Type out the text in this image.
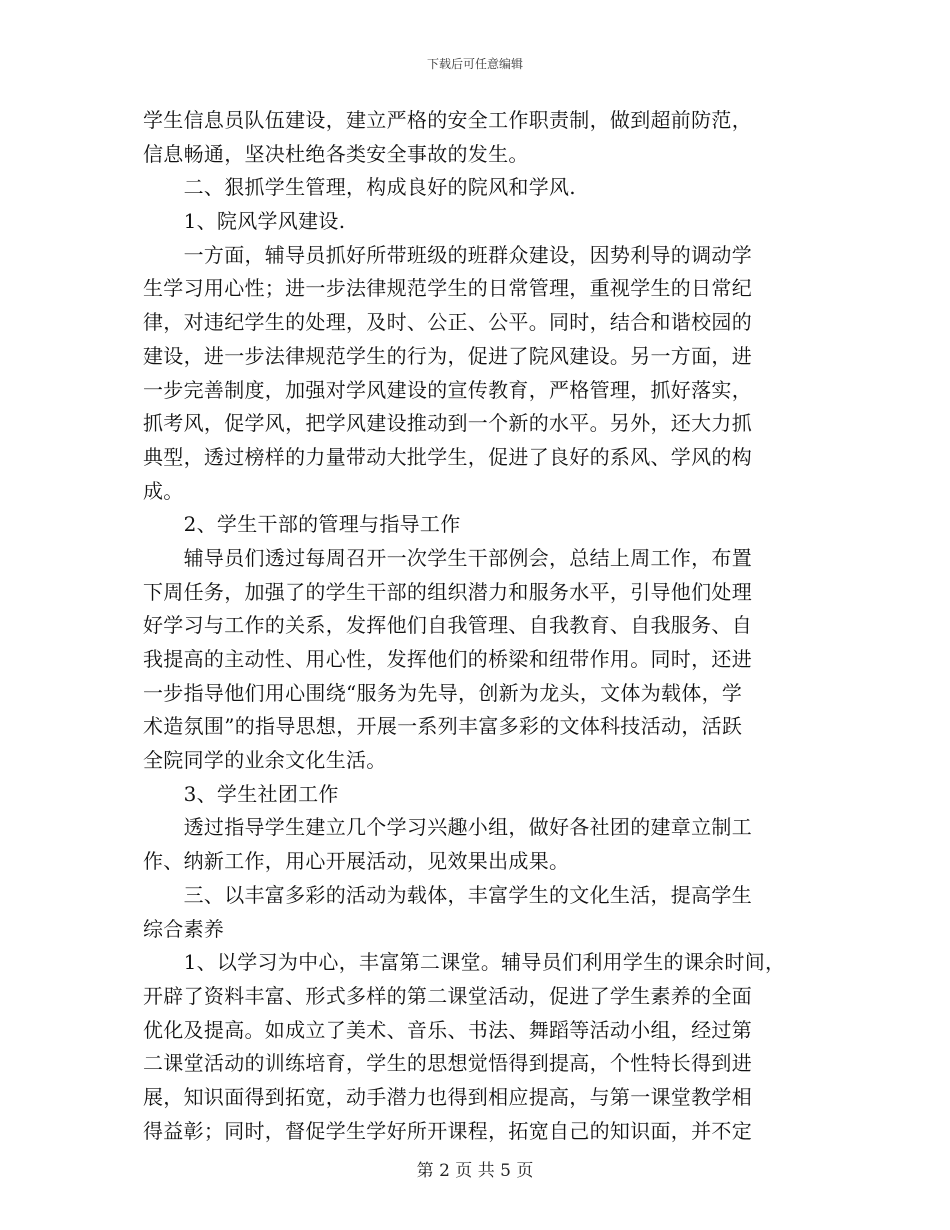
下载后可任意编辑
学生信息员队伍建设，建立严格的安全工作职责制，做到超前防范，
信息畅通，坚决杜绝各类安全事故的发生。
　　二、狠抓学生管理，构成良好的院风和学风.
　　1、院风学风建设.
　　一方面，辅导员抓好所带班级的班群众建设，因势利导的调动学
生学习用心性；进一步法律规范学生的日常管理，重视学生的日常纪
律，对违纪学生的处理，及时、公正、公平。同时，结合和谐校园的
建设，进一步法律规范学生的行为，促进了院风建设。另一方面，进
一步完善制度，加强对学风建设的宣传教育，严格管理，抓好落实，
抓考风，促学风，把学风建设推动到一个新的水平。另外，还大力抓
典型，透过榜样的力量带动大批学生，促进了良好的系风、学风的构
成。
　　2、学生干部的管理与指导工作
　　辅导员们透过每周召开一次学生干部例会，总结上周工作，布置
下周任务，加强了的学生干部的组织潜力和服务水平，引导他们处理
好学习与工作的关系，发挥他们自我管理、自我教育、自我服务、自
我提高的主动性、用心性，发挥他们的桥梁和纽带作用。同时，还进
一步指导他们用心围绕“服务为先导，创新为龙头，文体为载体，学
术造氛围”的指导思想，开展一系列丰富多彩的文体科技活动，活跃
全院同学的业余文化生活。
　　3、学生社团工作
　　透过指导学生建立几个学习兴趣小组，做好各社团的建章立制工
作、纳新工作，用心开展活动，见效果出成果。
　　三、以丰富多彩的活动为载体，丰富学生的文化生活，提高学生
综合素养
　　1、以学习为中心，丰富第二课堂。辅导员们利用学生的课余时间，
开辟了资料丰富、形式多样的第二课堂活动，促进了学生素养的全面
优化及提高。如成立了美术、音乐、书法、舞蹈等活动小组，经过第
二课堂活动的训练培育，学生的思想觉悟得到提高，个性特长得到进
展，知识面得到拓宽，动手潜力也得到相应提高，与第一课堂教学相
得益彰；同时，督促学生学好所开课程，拓宽自己的知识面，并不定
第 2 页 共 5 页
